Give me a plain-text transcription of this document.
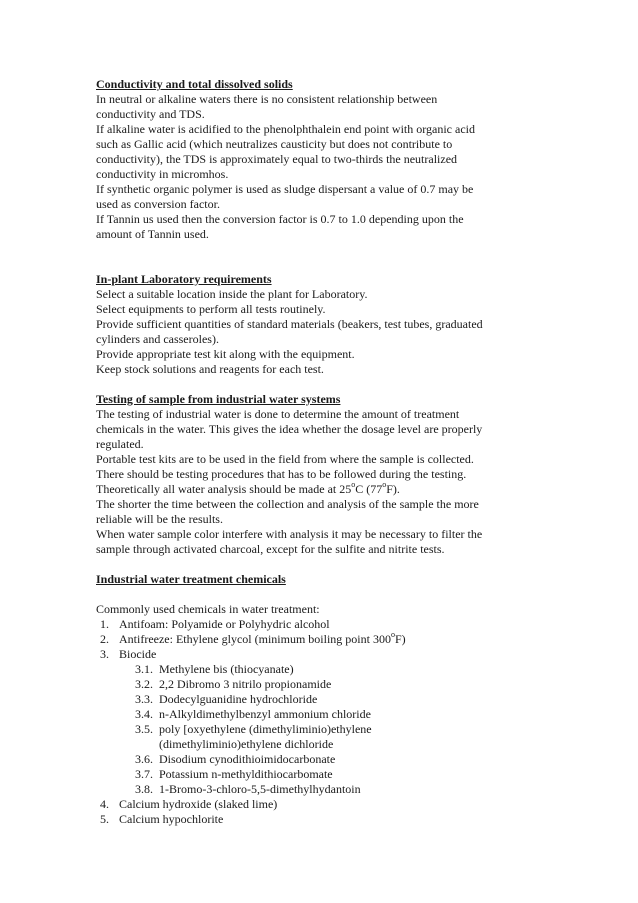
Conductivity and total dissolved solids

In neutral or alkaline waters there is no consistent relationship between

conductivity and TDS.

If alkaline water is acidified to the phenolphthalein end point with organic acid

such as Gallic acid (which neutralizes causticity but does not contribute to

conductivity), the TDS is approximately equal to two-thirds the neutralized

conductivity in micromhos.

If synthetic organic polymer is used as sludge dispersant a value of 0.7 may be

used as conversion factor.

If Tannin us used then the conversion factor is 0.7 to 1.0 depending upon the

amount of Tannin used.

In-plant Laboratory requirements

Select a suitable location inside the plant for Laboratory.

Select equipments to perform all tests routinely.

Provide sufficient quantities of standard materials (beakers, test tubes, graduated

cylinders and casseroles).

Provide appropriate test kit along with the equipment.

Keep stock solutions and reagents for each test.

Testing of sample from industrial water systems

The testing of industrial water is done to determine the amount of treatment

chemicals in the water. This gives the idea whether the dosage level are properly

regulated.

Portable test kits are to be used in the field from where the sample is collected.

There should be testing procedures that has to be followed during the testing.

Theoretically all water analysis should be made at 25$^o$C (77$^o$F).

The shorter the time between the collection and analysis of the sample the more

reliable will be the results.

When water sample color interfere with analysis it may be necessary to filter the

sample through activated charcoal, except for the sulfite and nitrite tests.

Industrial water treatment chemicals

Commonly used chemicals in water treatment:

1. Antifoam: Polyamide or Polyhydric alcohol
2. Antifreeze: Ethylene glycol (minimum boiling point 300$^o$F)
3. Biocide
3.1. Methylene bis (thiocyanate)
3.2. 2,2 Dibromo 3 nitrilo propionamide
3.3. Dodecylguanidine hydrochloride
3.4. n-Alkyldimethylbenzyl ammonium chloride
3.5. poly [oxyethylene (dimethyliminio)ethylene
(dimethyliminio)ethylene dichloride
3.6. Disodium cynodithioimidocarbonate
3.7. Potassium n-methyldithiocarbomate
3.8. 1-Bromo-3-chloro-5,5-dimethylhydantoin
4. Calcium hydroxide (slaked lime)
5. Calcium hypochlorite
